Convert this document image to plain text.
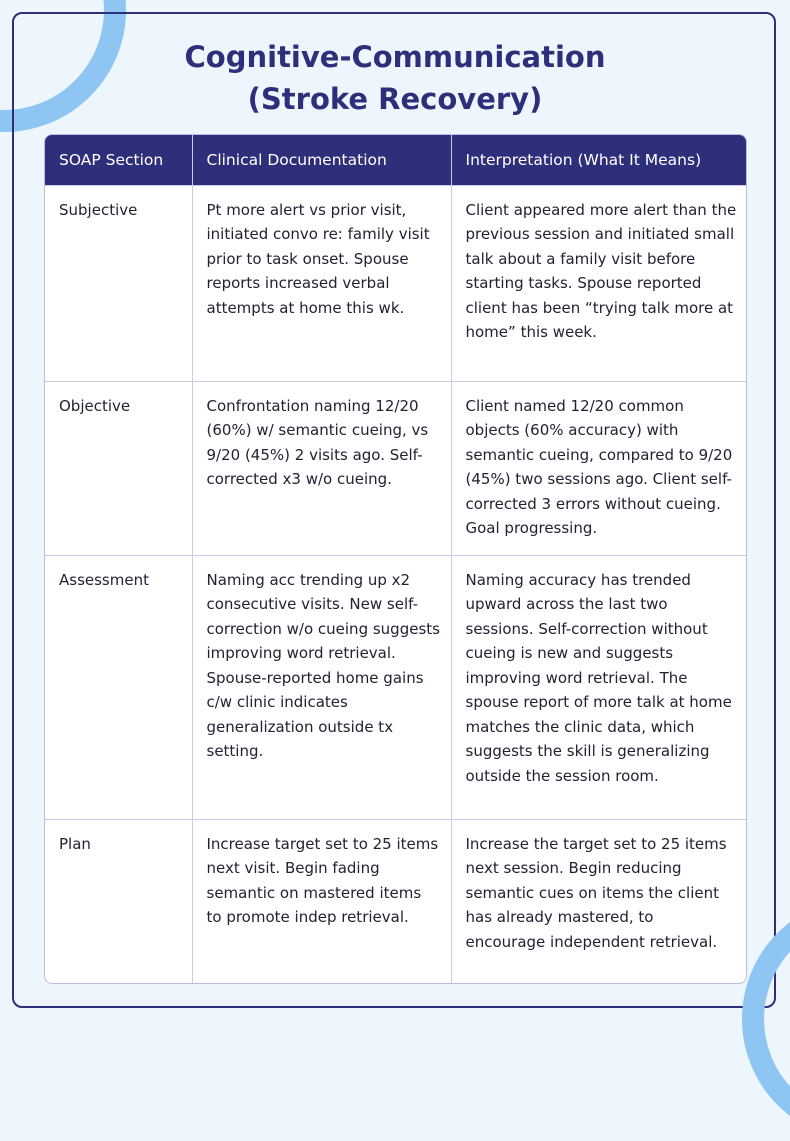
Cognitive-Communication
(Stroke Recovery)
SOAP Section	Clinical Documentation	Interpretation (What It Means)
Subjective	Pt more alert vs prior visit, initiated convo re: family visit prior to task onset. Spouse reports increased verbal attempts at home this wk.	Client appeared more alert than the previous session and initiated small talk about a family visit before starting tasks. Spouse reported client has been “trying talk more at home” this week.
Objective	Confrontation naming 12/20 (60%) w/ semantic cueing, vs 9/20 (45%) 2 visits ago. Self-corrected x3 w/o cueing.	Client named 12/20 common objects (60% accuracy) with semantic cueing, compared to 9/20 (45%) two sessions ago. Client self-corrected 3 errors without cueing. Goal progressing.
Assessment	Naming acc trending up x2 consecutive visits. New self-correction w/o cueing suggests improving word retrieval. Spouse-reported home gains c/w clinic indicates generalization outside tx setting.	Naming accuracy has trended upward across the last two sessions. Self-correction without cueing is new and suggests improving word retrieval. The spouse report of more talk at home matches the clinic data, which suggests the skill is generalizing outside the session room.
Plan	Increase target set to 25 items next visit. Begin fading semantic on mastered items to promote indep retrieval.	Increase the target set to 25 items next session. Begin reducing semantic cues on items the client has already mastered, to encourage independent retrieval.
